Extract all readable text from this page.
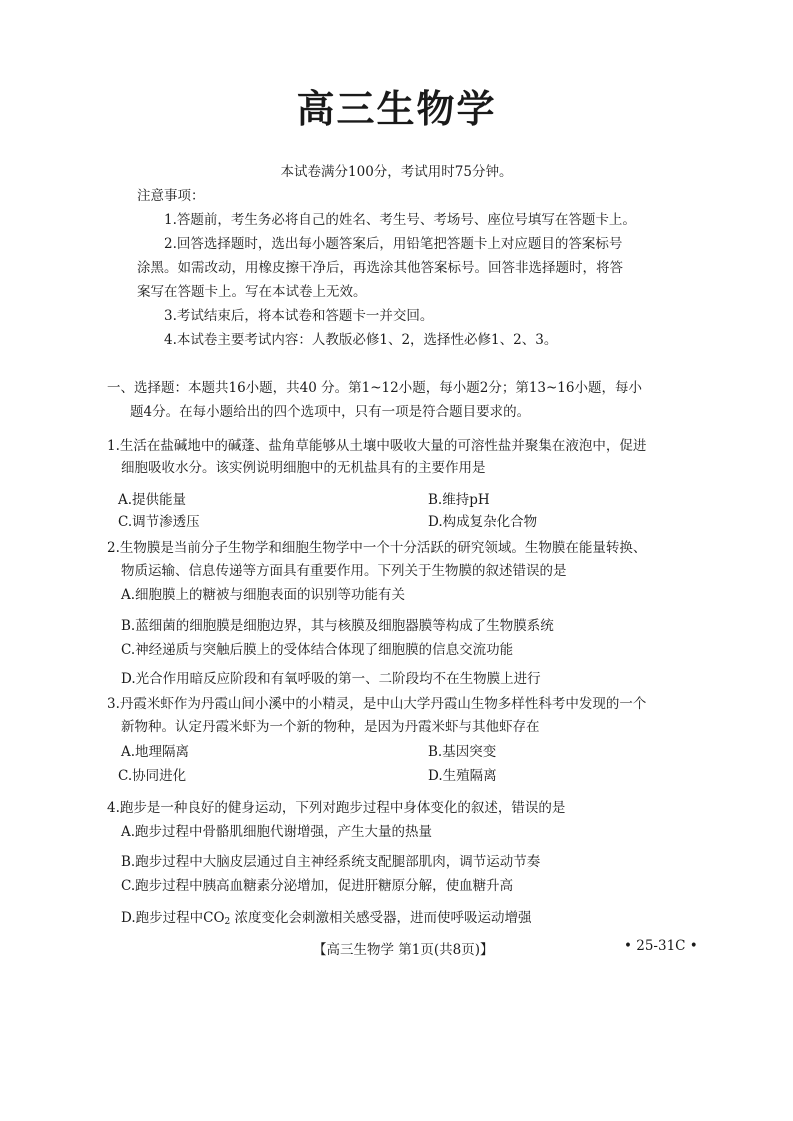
高三生物学
本试卷满分100分，考试用时75分钟。
注意事项：
1.答题前，考生务必将自己的姓名、考生号、考场号、座位号填写在答题卡上。
2.回答选择题时，选出每小题答案后，用铅笔把答题卡上对应题目的答案标号
涂黑。如需改动，用橡皮擦干净后，再选涂其他答案标号。回答非选择题时，将答
案写在答题卡上。写在本试卷上无效。
3.考试结束后，将本试卷和答题卡一并交回。
4.本试卷主要考试内容：人教版必修1、2，选择性必修1、2、3。
一、选择题：本题共16小题，共40 分。第1~12小题，每小题2分；第13~16小题，每小
题4分。在每小题给出的四个选项中，只有一项是符合题目要求的。
1.生活在盐碱地中的碱蓬、盐角草能够从土壤中吸收大量的可溶性盐并聚集在液泡中，促进
细胞吸收水分。该实例说明细胞中的无机盐具有的主要作用是
A.提供能量	B.维持pH
C.调节渗透压	D.构成复杂化合物
2.生物膜是当前分子生物学和细胞生物学中一个十分活跃的研究领域。生物膜在能量转换、
物质运输、信息传递等方面具有重要作用。下列关于生物膜的叙述错误的是
A.细胞膜上的糖被与细胞表面的识别等功能有关
B.蓝细菌的细胞膜是细胞边界，其与核膜及细胞器膜等构成了生物膜系统
C.神经递质与突触后膜上的受体结合体现了细胞膜的信息交流功能
D.光合作用暗反应阶段和有氧呼吸的第一、二阶段均不在生物膜上进行
3.丹霞米虾作为丹霞山间小溪中的小精灵，是中山大学丹霞山生物多样性科考中发现的一个
新物种。认定丹霞米虾为一个新的物种，是因为丹霞米虾与其他虾存在
A.地理隔离	B.基因突变
C.协同进化	D.生殖隔离
4.跑步是一种良好的健身运动，下列对跑步过程中身体变化的叙述，错误的是
A.跑步过程中骨骼肌细胞代谢增强，产生大量的热量
B.跑步过程中大脑皮层通过自主神经系统支配腿部肌肉，调节运动节奏
C.跑步过程中胰高血糖素分泌增加，促进肝糖原分解，使血糖升高
D.跑步过程中$CO_2$ 浓度变化会刺激相关感受器，进而使呼吸运动增强
【高三生物学 第1页(共8页)】	• 25-31C •
